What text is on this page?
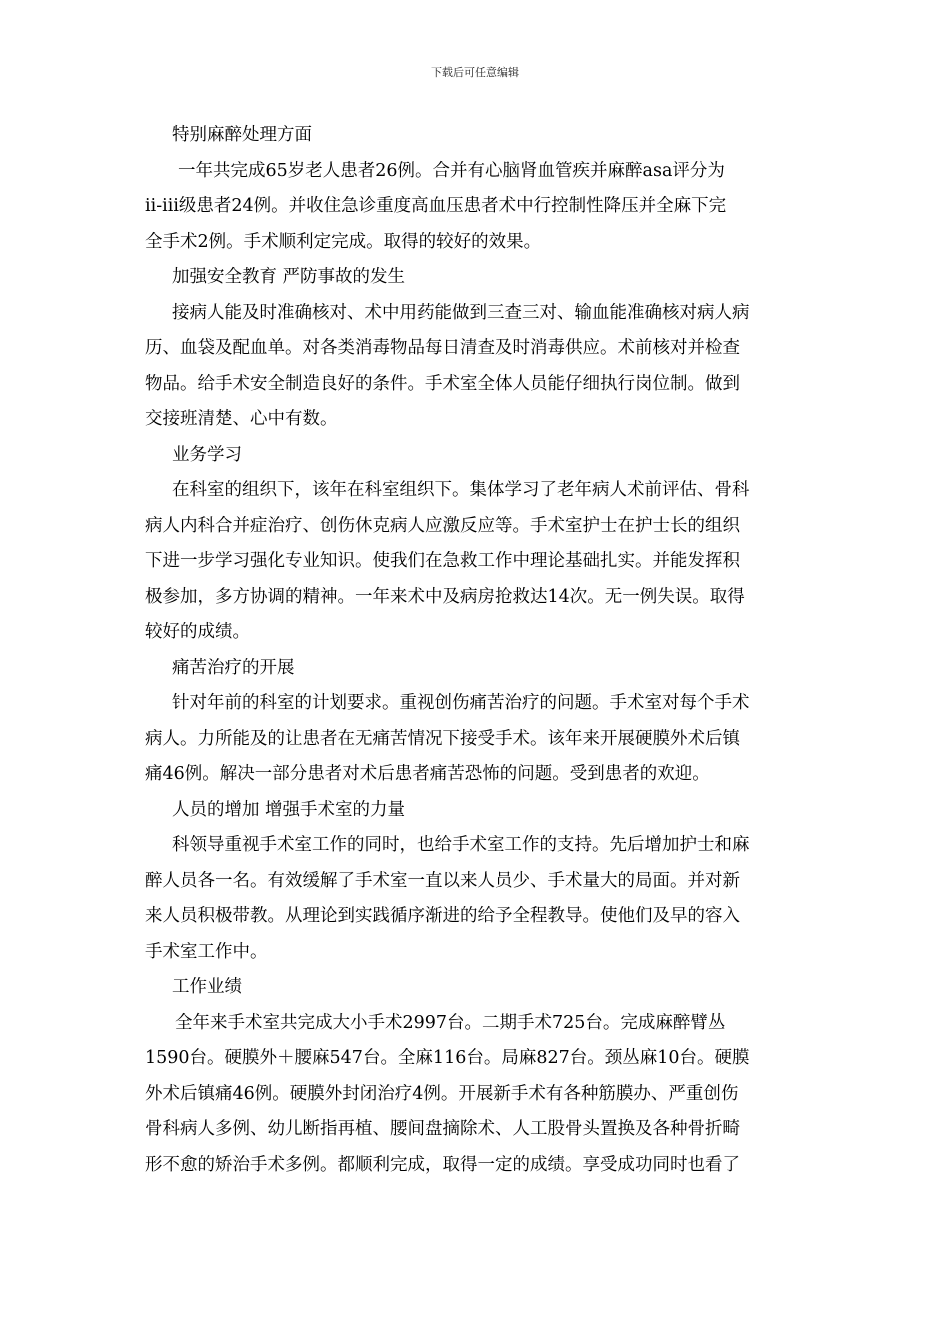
下载后可任意编辑
特别麻醉处理方面
一年共完成65岁老人患者26例。合并有心脑肾血管疾并麻醉asa评分为
ⅱ-ⅲ级患者24例。并收住急诊重度高血压患者术中行控制性降压并全麻下完
全手术2例。手术顺利定完成。取得的较好的效果。
加强安全教育 严防事故的发生
接病人能及时准确核对、术中用药能做到三查三对、输血能准确核对病人病
历、血袋及配血单。对各类消毒物品每日清查及时消毒供应。术前核对并检查
物品。给手术安全制造良好的条件。手术室全体人员能仔细执行岗位制。做到
交接班清楚、心中有数。
业务学习
在科室的组织下，该年在科室组织下。集体学习了老年病人术前评估、骨科
病人内科合并症治疗、创伤休克病人应激反应等。手术室护士在护士长的组织
下进一步学习强化专业知识。使我们在急救工作中理论基础扎实。并能发挥积
极参加，多方协调的精神。一年来术中及病房抢救达14次。无一例失误。取得
较好的成绩。
痛苦治疗的开展
针对年前的科室的计划要求。重视创伤痛苦治疗的问题。手术室对每个手术
病人。力所能及的让患者在无痛苦情况下接受手术。该年来开展硬膜外术后镇
痛46例。解决一部分患者对术后患者痛苦恐怖的问题。受到患者的欢迎。
人员的增加 增强手术室的力量
科领导重视手术室工作的同时，也给手术室工作的支持。先后增加护士和麻
醉人员各一名。有效缓解了手术室一直以来人员少、手术量大的局面。并对新
来人员积极带教。从理论到实践循序渐进的给予全程教导。使他们及早的容入
手术室工作中。
工作业绩
全年来手术室共完成大小手术2997台。二期手术725台。完成麻醉臂丛
1590台。硬膜外＋腰麻547台。全麻116台。局麻827台。颈丛麻10台。硬膜
外术后镇痛46例。硬膜外封闭治疗4例。开展新手术有各种筋膜办、严重创伤
骨科病人多例、幼儿断指再植、腰间盘摘除术、人工股骨头置换及各种骨折畸
形不愈的矫治手术多例。都顺利完成，取得一定的成绩。享受成功同时也看了
